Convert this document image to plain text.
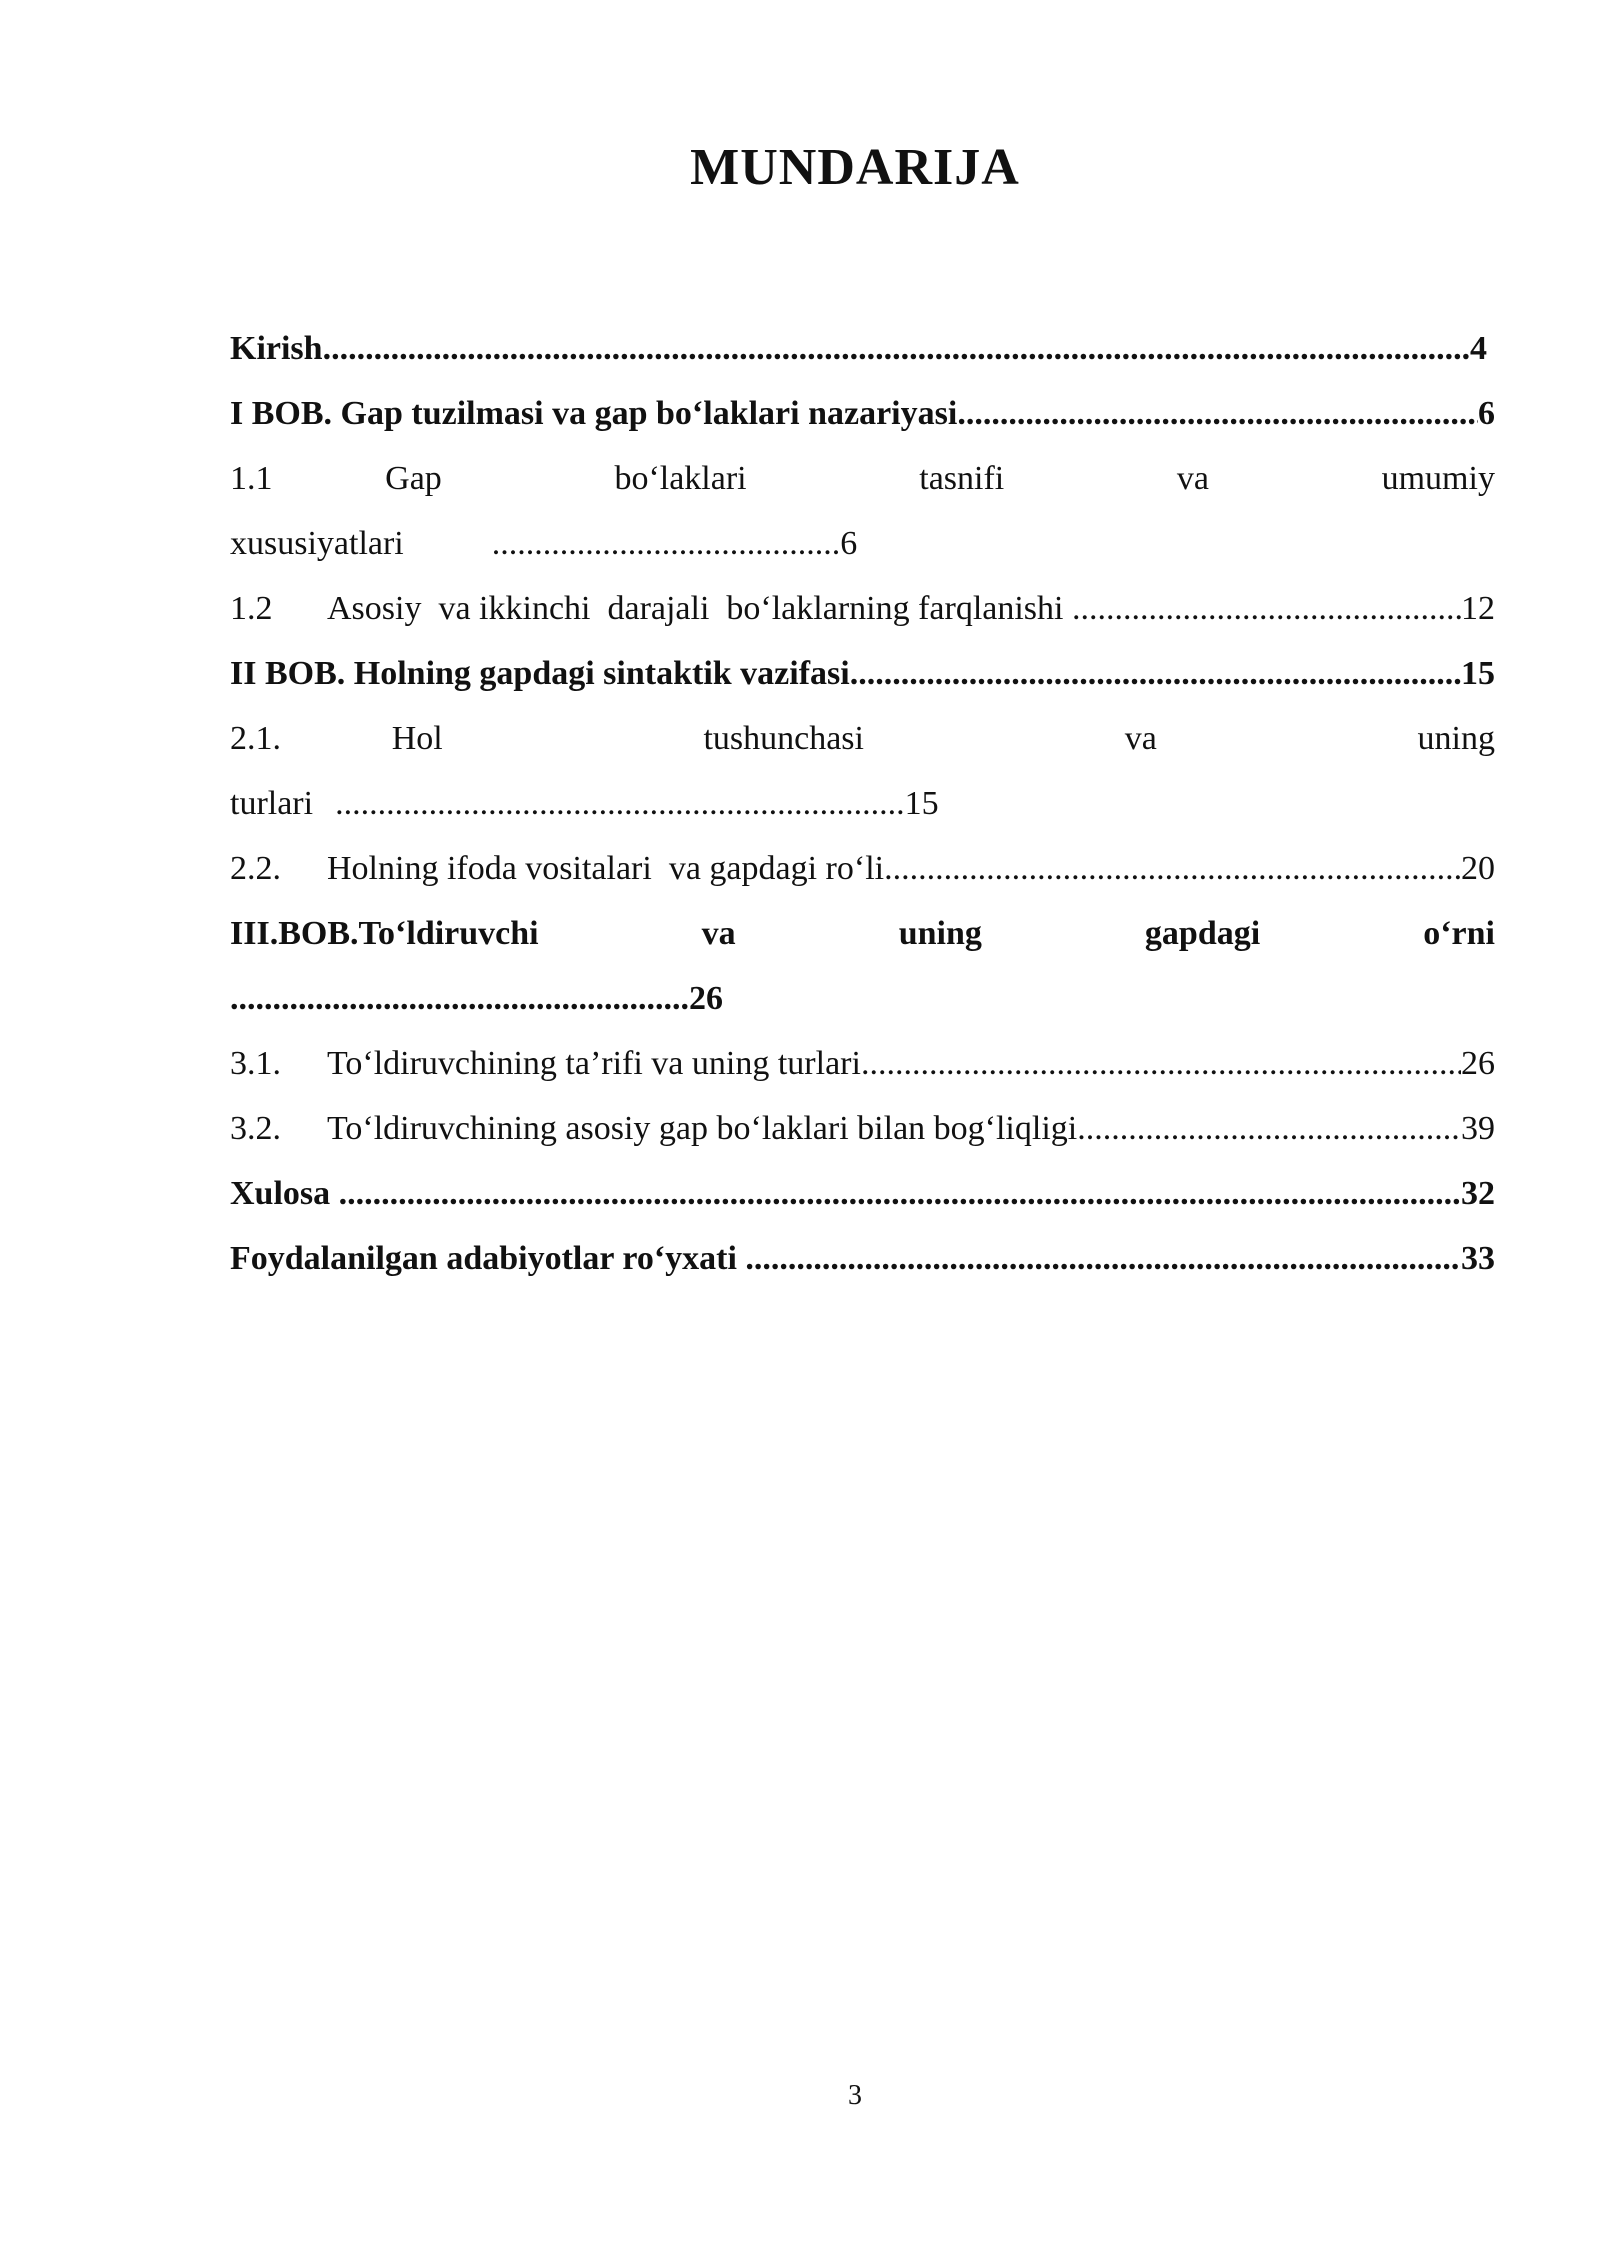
MUNDARIJA
Kirish .....	4
I BOB. Gap tuzilmasi va gap bo‘laklari nazariyasi .....	6
1.1	Gap	bo‘laklari	tasnifi	va	umumiy
xususiyatlari	......................................... 6
1.2	Asosiy  va ikkinchi  darajali  bo‘laklarning farqlanishi .....	12
II BOB. Holning gapdagi sintaktik vazifasi .....	15
2.1.	Hol	tushunchasi	va	uning
turlari ................................................................... 15
2.2.	Holning ifoda vositalari  va gapdagi ro‘li .....	20
III.BOB.To‘ldiruvchi	va	uning	gapdagi	o‘rni
...................................................... 26
3.1.	To‘ldiruvchining ta’rifi va uning turlari .....	26
3.2.	To‘ldiruvchining asosiy gap bo‘laklari bilan bog‘liqligi .....	39
Xulosa .....	32
Foydalanilgan adabiyotlar ro‘yxati .....	33
3
